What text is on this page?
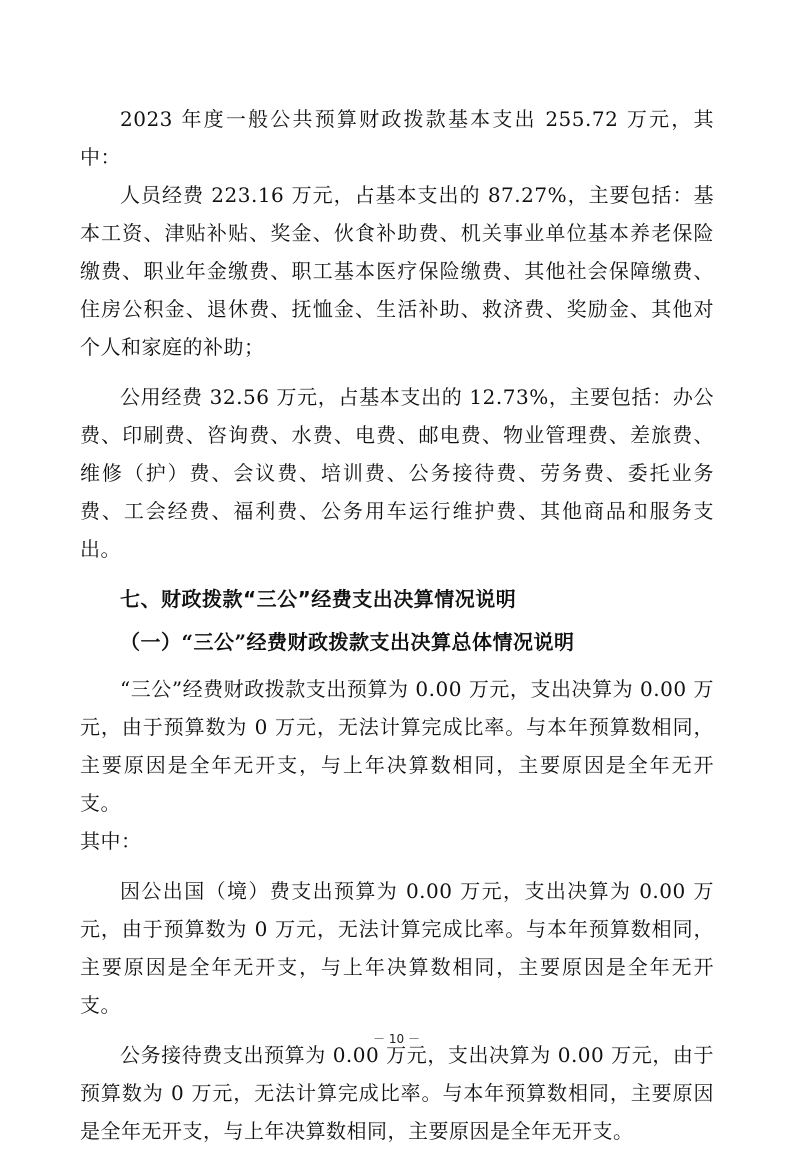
2023 年度一般公共预算财政拨款基本支出 255.72 万元，其中：

人员经费 223.16 万元，占基本支出的 87.27%，主要包括：基本工资、津贴补贴、奖金、伙食补助费、机关事业单位基本养老保险缴费、职业年金缴费、职工基本医疗保险缴费、其他社会保障缴费、住房公积金、退休费、抚恤金、生活补助、救济费、奖励金、其他对个人和家庭的补助；

公用经费 32.56 万元，占基本支出的 12.73%，主要包括：办公费、印刷费、咨询费、水费、电费、邮电费、物业管理费、差旅费、维修（护）费、会议费、培训费、公务接待费、劳务费、委托业务费、工会经费、福利费、公务用车运行维护费、其他商品和服务支出。

七、财政拨款“三公”经费支出决算情况说明
（一）“三公”经费财政拨款支出决算总体情况说明

“三公”经费财政拨款支出预算为 0.00 万元，支出决算为 0.00 万元，由于预算数为 0 万元，无法计算完成比率。与本年预算数相同，主要原因是全年无开支，与上年决算数相同，主要原因是全年无开支。

其中：

因公出国（境）费支出预算为 0.00 万元，支出决算为 0.00 万元，由于预算数为 0 万元，无法计算完成比率。与本年预算数相同，主要原因是全年无开支，与上年决算数相同，主要原因是全年无开支。

公务接待费支出预算为 0.00 万元，支出决算为 0.00 万元，由于预算数为 0 万元，无法计算完成比率。与本年预算数相同，主要原因是全年无开支，与上年决算数相同，主要原因是全年无开支。

－ 10 －
